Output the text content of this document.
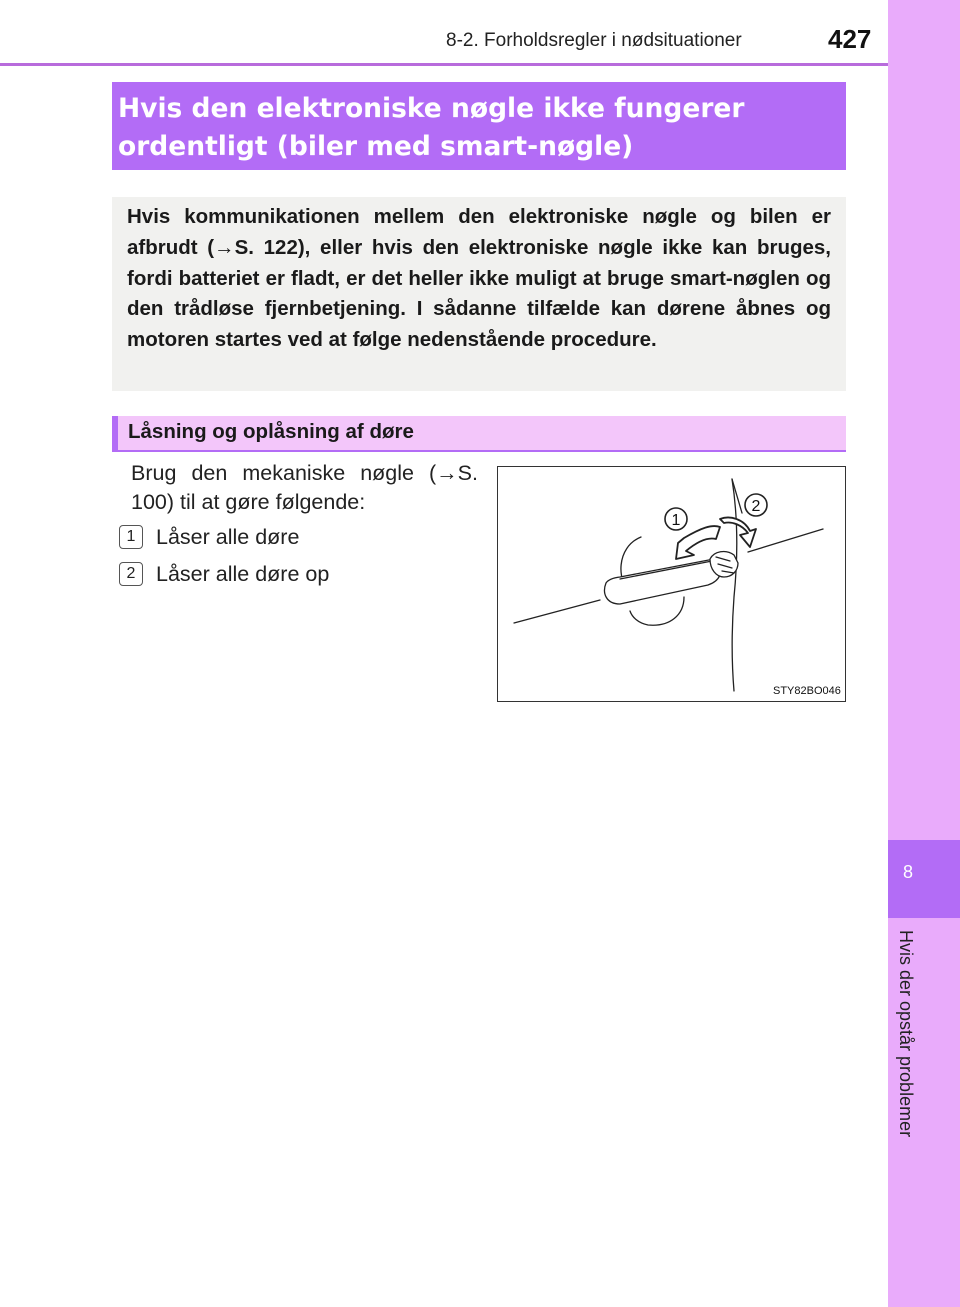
8-2. Forholdsregler i nødsituationer	427
8
Hvis der opstår problemer
Hvis den elektroniske nøgle ikke fungerer
ordentligt (biler med smart-nøgle)
Hvis kommunikationen mellem den elektroniske nøgle og bilen er afbrudt (→S. 122), eller hvis den elektroniske nøgle ikke kan bruges, fordi batteriet er fladt, er det heller ikke muligt at bruge smart-nøglen og den trådløse fjernbetjening. I sådanne tilfælde kan dørene åbnes og motoren startes ved at følge nedenstående procedure.
Låsning og oplåsning af døre
Brug den mekaniske nøgle (→S. 100) til at gøre følgende:
1 Låser alle døre
2 Låser alle døre op
1
2
STY82BO046
